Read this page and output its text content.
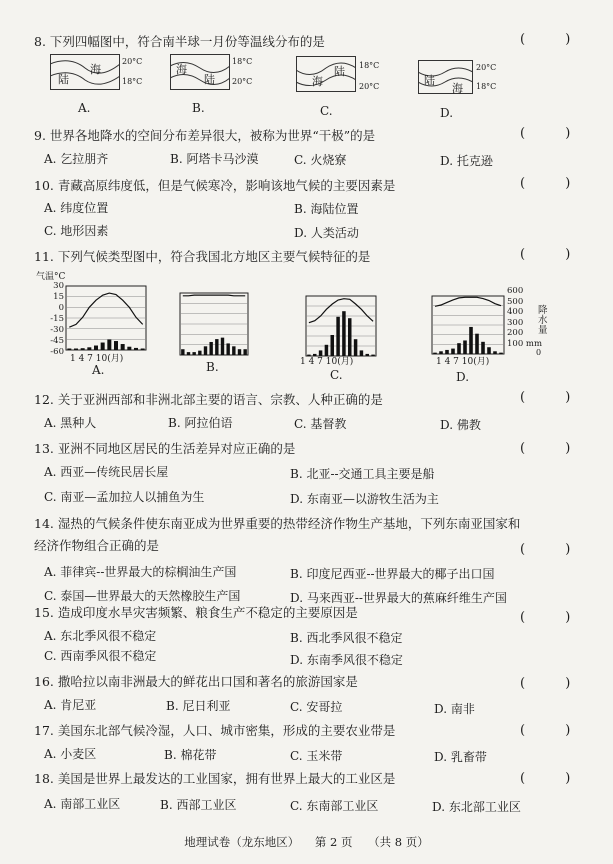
8. 下列四幅图中，符合南半球一月份等温线分布的是	( )
陆
海
20°C
18°C
海
陆
18°C
20°C	海
陆 18°C
20°C	陆
海
20°C
18°C
A.	B.	C.	D.
9. 世界各地降水的空间分布差异很大，被称为世界“干极”的是	( )
A. 乞拉朋齐	B. 阿塔卡马沙漠	C. 火烧寮	D. 托克逊
10. 青藏高原纬度低，但是气候寒冷，影响该地气候的主要因素是	( )
A. 纬度位置	B. 海陆位置
C. 地形因素	D. 人类活动
11. 下列气候类型图中，符合我国北方地区主要气候特征的是	( )
气温°C
30
15
0
-15
-30
-45
-60
600
500
400
300
200
100 mm
降
水
量
0
1 4 7 10(月)	1 4 7 10(月)	1 4 7 10(月)
A.	B.
C.	D.
12. 关于亚洲西部和非洲北部主要的语言、宗教、人种正确的是	( )
A. 黑种人	B. 阿拉伯语	C. 基督教	D. 佛教
13. 亚洲不同地区居民的生活差异对应正确的是	( )
A. 西亚—传统民居长屋	B. 北亚--交通工具主要是船
C. 南亚—孟加拉人以捕鱼为生	D. 东南亚—以游牧生活为主
14. 湿热的气候条件使东南亚成为世界重要的热带经济作物生产基地，下列东南亚国家和
经济作物组合正确的是	( )
A. 菲律宾--世界最大的棕榈油生产国	B. 印度尼西亚--世界最大的椰子出口国
C. 泰国—世界最大的天然橡胶生产国	D. 马来西亚--世界最大的蕉麻纤维生产国
15. 造成印度水旱灾害频繁、粮食生产不稳定的主要原因是	( )
A. 东北季风很不稳定	B. 西北季风很不稳定
C. 西南季风很不稳定	D. 东南季风很不稳定
16. 撒哈拉以南非洲最大的鲜花出口国和著名的旅游国家是	( )
A. 肯尼亚	B. 尼日利亚	C. 安哥拉	D. 南非
17. 美国东北部气候冷湿，人口、城市密集，形成的主要农业带是	( )
A. 小麦区	B. 棉花带	C. 玉米带	D. 乳畜带
18. 美国是世界上最发达的工业国家，拥有世界上最大的工业区是	( )
A. 南部工业区	B. 西部工业区	C. 东南部工业区	D. 东北部工业区
地理试卷（龙东地区） 第 2 页 （共 8 页）
